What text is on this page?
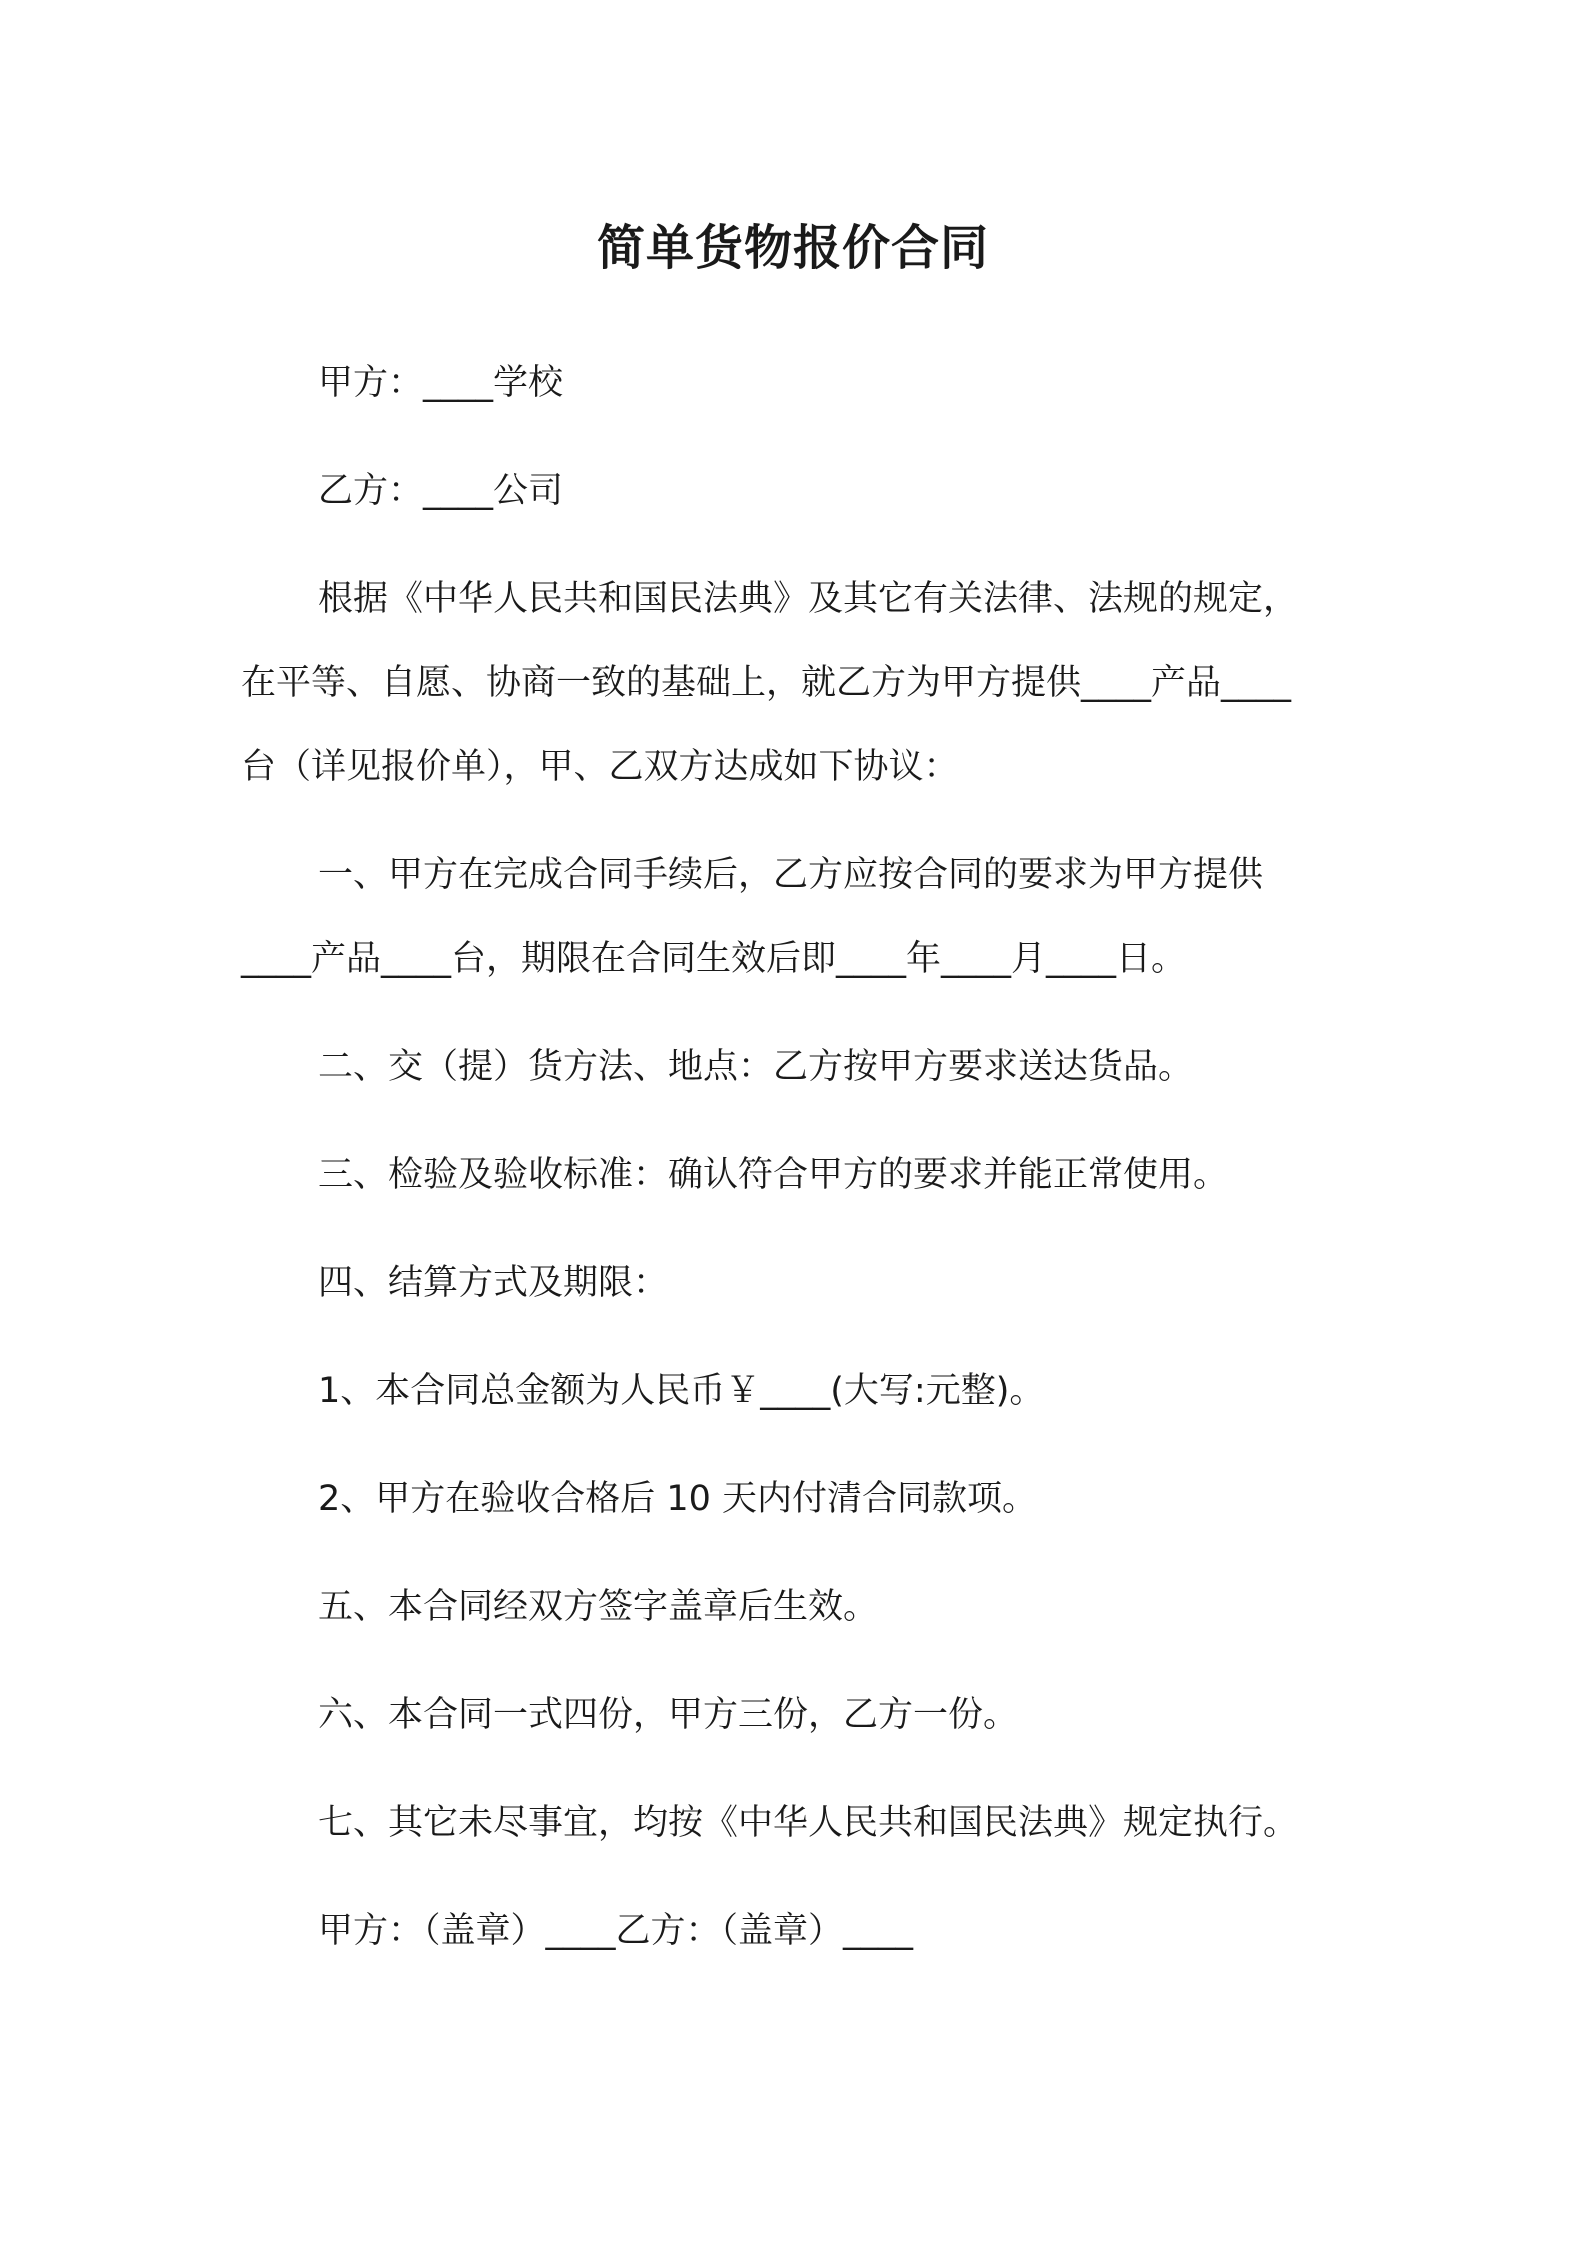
简单货物报价合同

甲方：____学校

乙方：____公司

根据《中华人民共和国民法典》及其它有关法律、法规的规定，

在平等、自愿、协商一致的基础上，就乙方为甲方提供____产品____

台（详见报价单），甲、乙双方达成如下协议：

一、甲方在完成合同手续后，乙方应按合同的要求为甲方提供

____产品____台，期限在合同生效后即____年____月____日。

二、交（提）货方法、地点：乙方按甲方要求送达货品。

三、检验及验收标准：确认符合甲方的要求并能正常使用。

四、结算方式及期限：

1、本合同总金额为人民币￥____(大写:元整)。

2、甲方在验收合格后 10 天内付清合同款项。

五、本合同经双方签字盖章后生效。

六、本合同一式四份，甲方三份，乙方一份。

七、其它未尽事宜，均按《中华人民共和国民法典》规定执行。

甲方：（盖章）____乙方：（盖章）____
